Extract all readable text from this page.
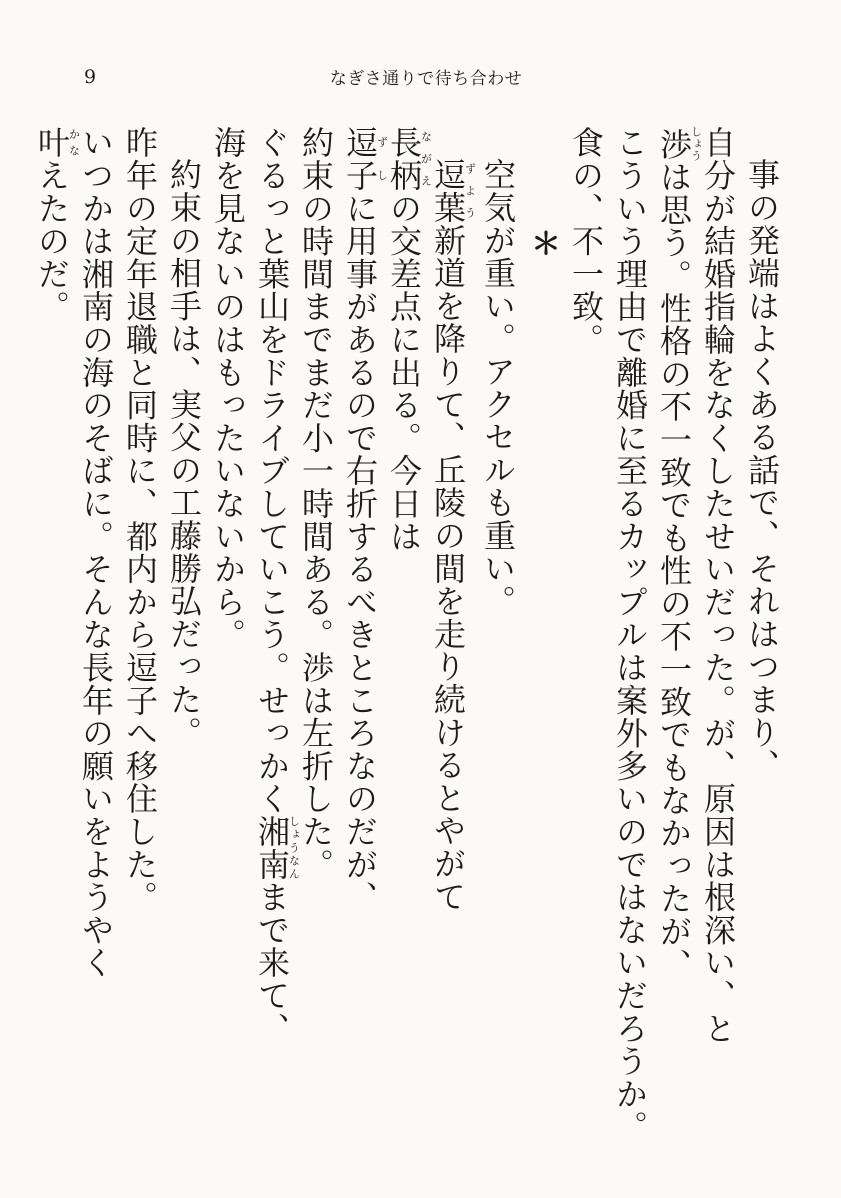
9	なぎさ通りで待ち合わせ

事の発端はよくある話で、それはつまり、自分が結婚指輪をなくしたせいだった。が、原因は根深い、と渉しょうは思う。性格の不一致でも性の不一致でもなかったが、こういう理由で離婚に至るカップルは案外多いのではないだろうか。食の、不一致。

＊

空気が重い。アクセルも重い。

逗葉ずよう新道を降りて、丘陵の間を走り続けるとやがて長柄ながえの交差点に出る。今日は逗ず子しに用事があるので右折するべきところなのだが、約束の時間までまだ小一時間ある。渉は左折した。ぐるっと葉山をドライブしていこう。せっかく湘南しょうなんまで来て、海を見ないのはもったいないから。

約束の相手は、実父の工藤勝弘だった。昨年の定年退職と同時に、都内から逗子へ移住した。いつかは湘南の海のそばに。そんな長年の願いをようやく叶かなえたのだ。
